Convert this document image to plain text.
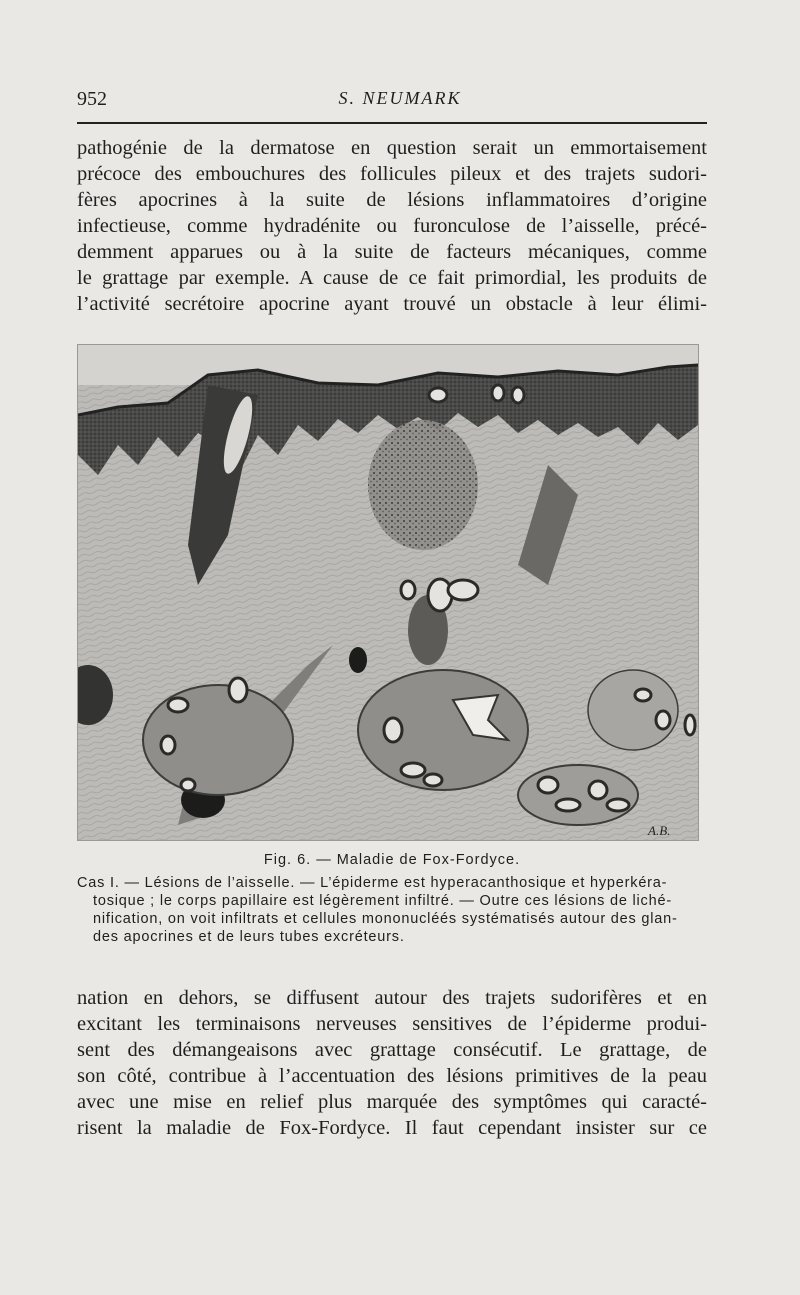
952	S. NEUMARK
pathogénie de la dermatose en question serait un emmortaisement
précoce des embouchures des follicules pileux et des trajets sudori-
fères apocrines à la suite de lésions inflammatoires d’origine
infectieuse, comme hydradénite ou furonculose de l’aisselle, précé-
demment apparues ou à la suite de facteurs mécaniques, comme
le grattage par exemple. A cause de ce fait primordial, les produits de
l’activité secrétoire apocrine ayant trouvé un obstacle à leur élimi-
A.B.
Fig. 6. — Maladie de Fox-Fordyce.
Cas I. — Lésions de l’aisselle. — L’épiderme est hyperacanthosique et hyperkéra-
tosique ; le corps papillaire est légèrement infiltré. — Outre ces lésions de liché-
nification, on voit infiltrats et cellules mononucléés systématisés autour des glan-
des apocrines et de leurs tubes excréteurs.
nation en dehors, se diffusent autour des trajets sudorifères et en
excitant les terminaisons nerveuses sensitives de l’épiderme produi-
sent des démangeaisons avec grattage consécutif. Le grattage, de
son côté, contribue à l’accentuation des lésions primitives de la peau
avec une mise en relief plus marquée des symptômes qui caracté-
risent la maladie de Fox-Fordyce. Il faut cependant insister sur ce
